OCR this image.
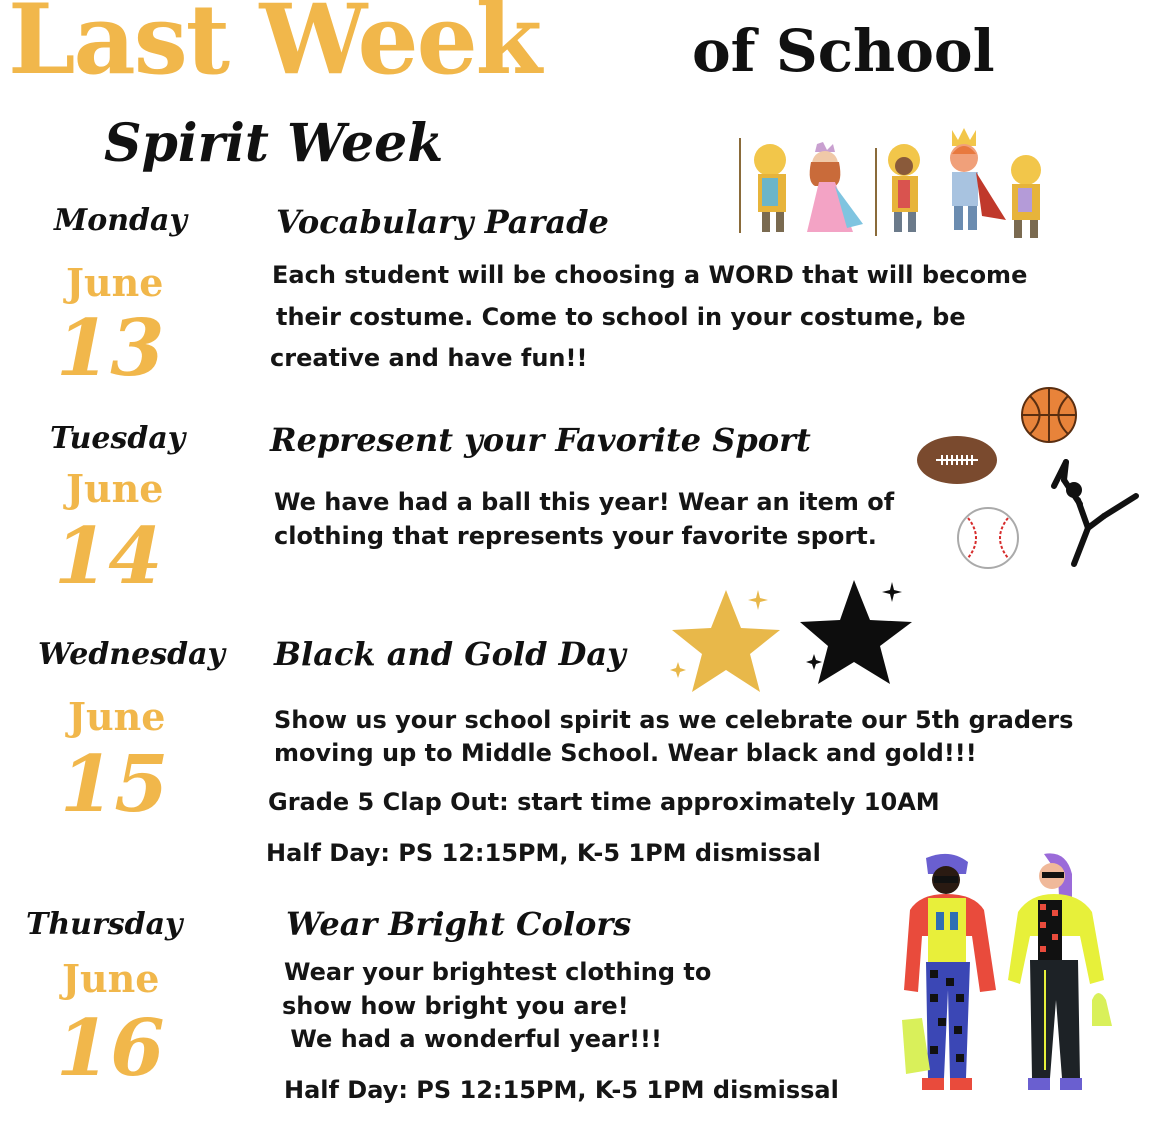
Last Week	of School
Spirit Week
Monday
June
13
Vocabulary Parade
Each student will be choosing a WORD that will become
their costume. Come to school in your costume, be
creative and have fun!!
Tuesday
June
14
Represent your Favorite Sport
We have had a ball this year! Wear an item of
clothing that represents your favorite sport.
Wednesday
June
15
Black and Gold Day
Show us your school spirit as we celebrate our 5th graders
moving up to Middle School. Wear black and gold!!!
Grade 5 Clap Out: start time approximately 10AM
Half Day: PS 12:15PM, K-5 1PM dismissal
Thursday
June
16
Wear Bright Colors
Wear your brightest clothing to
show how bright you are!
We had a wonderful year!!!
Half Day: PS 12:15PM, K-5 1PM dismissal
